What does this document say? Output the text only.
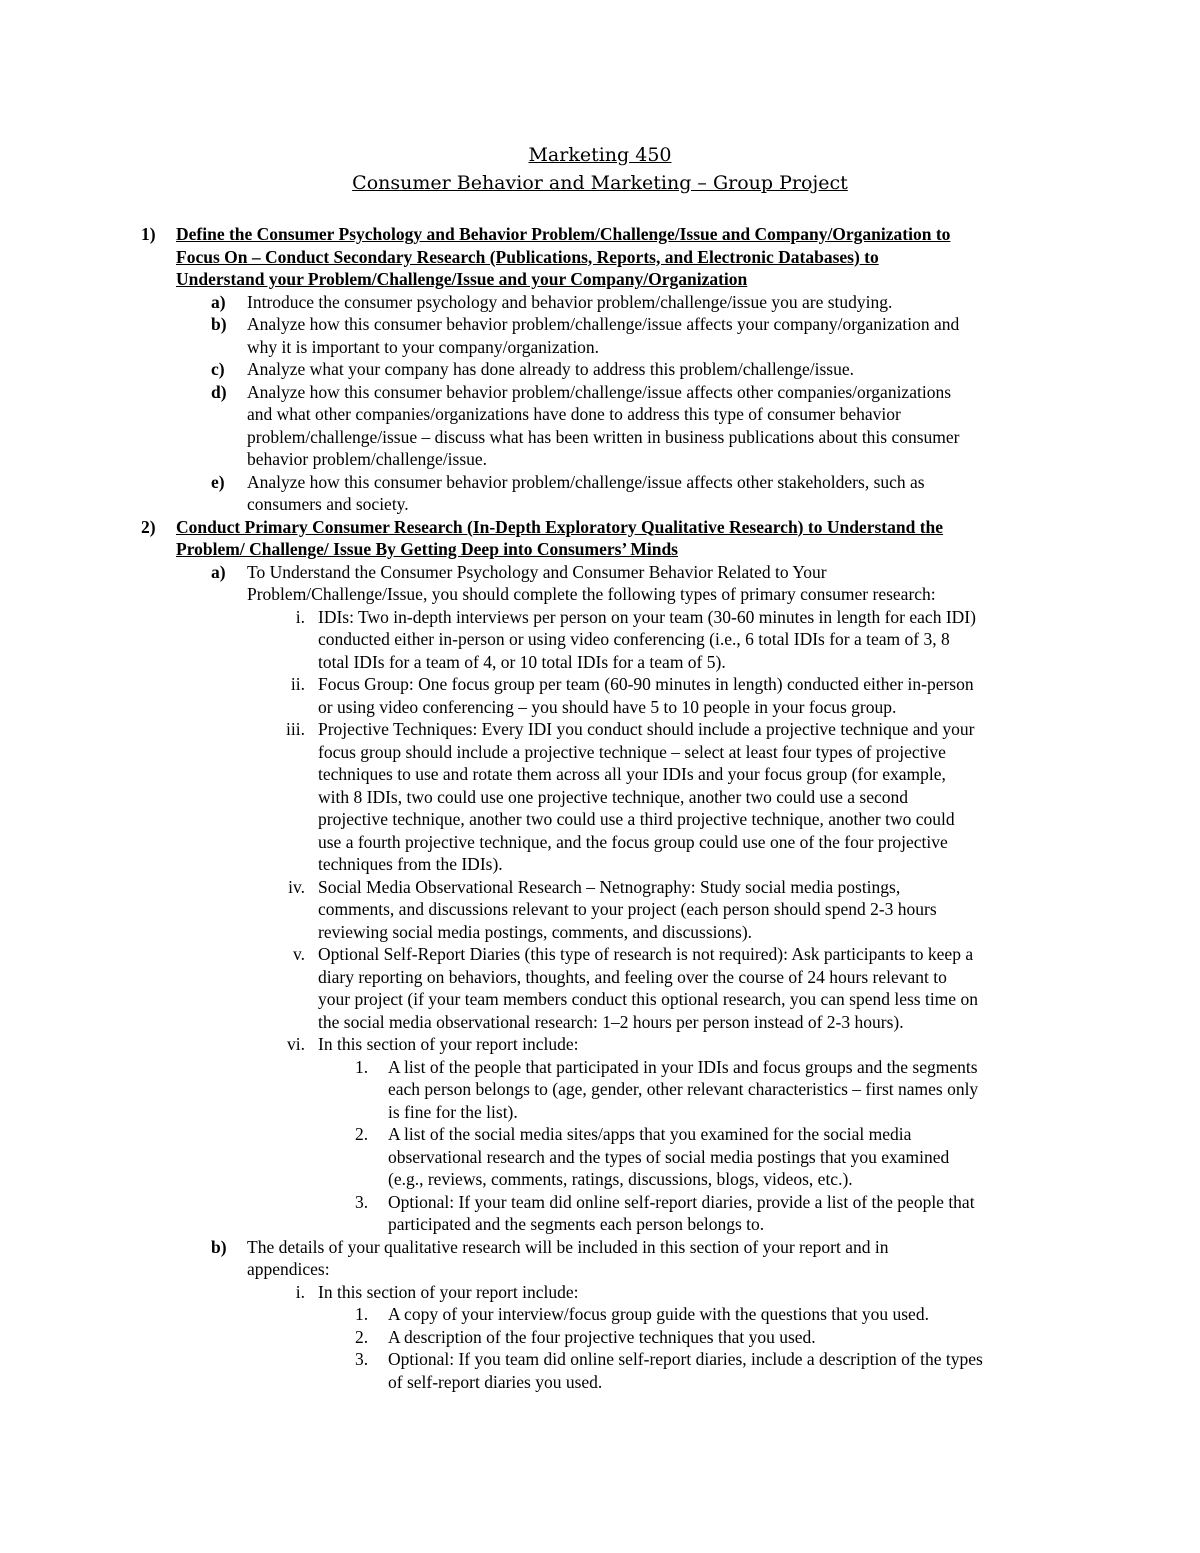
Marketing 450
Consumer Behavior and Marketing – Group Project
1) Define the Consumer Psychology and Behavior Problem/Challenge/Issue and Company/Organization to
Focus On – Conduct Secondary Research (Publications, Reports, and Electronic Databases) to
Understand your Problem/Challenge/Issue and your Company/Organization
a) Introduce the consumer psychology and behavior problem/challenge/issue you are studying.
b) Analyze how this consumer behavior problem/challenge/issue affects your company/organization and
why it is important to your company/organization.
c) Analyze what your company has done already to address this problem/challenge/issue.
d) Analyze how this consumer behavior problem/challenge/issue affects other companies/organizations
and what other companies/organizations have done to address this type of consumer behavior
problem/challenge/issue – discuss what has been written in business publications about this consumer
behavior problem/challenge/issue.
e) Analyze how this consumer behavior problem/challenge/issue affects other stakeholders, such as
consumers and society.
2) Conduct Primary Consumer Research (In-Depth Exploratory Qualitative Research) to Understand the
Problem/ Challenge/ Issue By Getting Deep into Consumers’ Minds
a) To Understand the Consumer Psychology and Consumer Behavior Related to Your
Problem/Challenge/Issue, you should complete the following types of primary consumer research:
i. IDIs: Two in-depth interviews per person on your team (30-60 minutes in length for each IDI)
conducted either in-person or using video conferencing (i.e., 6 total IDIs for a team of 3, 8
total IDIs for a team of 4, or 10 total IDIs for a team of 5).
ii. Focus Group: One focus group per team (60-90 minutes in length) conducted either in-person
or using video conferencing – you should have 5 to 10 people in your focus group.
iii. Projective Techniques: Every IDI you conduct should include a projective technique and your
focus group should include a projective technique – select at least four types of projective
techniques to use and rotate them across all your IDIs and your focus group (for example,
with 8 IDIs, two could use one projective technique, another two could use a second
projective technique, another two could use a third projective technique, another two could
use a fourth projective technique, and the focus group could use one of the four projective
techniques from the IDIs).
iv. Social Media Observational Research – Netnography: Study social media postings,
comments, and discussions relevant to your project (each person should spend 2-3 hours
reviewing social media postings, comments, and discussions).
v. Optional Self-Report Diaries (this type of research is not required): Ask participants to keep a
diary reporting on behaviors, thoughts, and feeling over the course of 24 hours relevant to
your project (if your team members conduct this optional research, you can spend less time on
the social media observational research: 1–2 hours per person instead of 2-3 hours).
vi. In this section of your report include:
1. A list of the people that participated in your IDIs and focus groups and the segments
each person belongs to (age, gender, other relevant characteristics – first names only
is fine for the list).
2. A list of the social media sites/apps that you examined for the social media
observational research and the types of social media postings that you examined
(e.g., reviews, comments, ratings, discussions, blogs, videos, etc.).
3. Optional: If your team did online self-report diaries, provide a list of the people that
participated and the segments each person belongs to.
b) The details of your qualitative research will be included in this section of your report and in
appendices:
i. In this section of your report include:
1. A copy of your interview/focus group guide with the questions that you used.
2. A description of the four projective techniques that you used.
3. Optional: If you team did online self-report diaries, include a description of the types
of self-report diaries you used.
